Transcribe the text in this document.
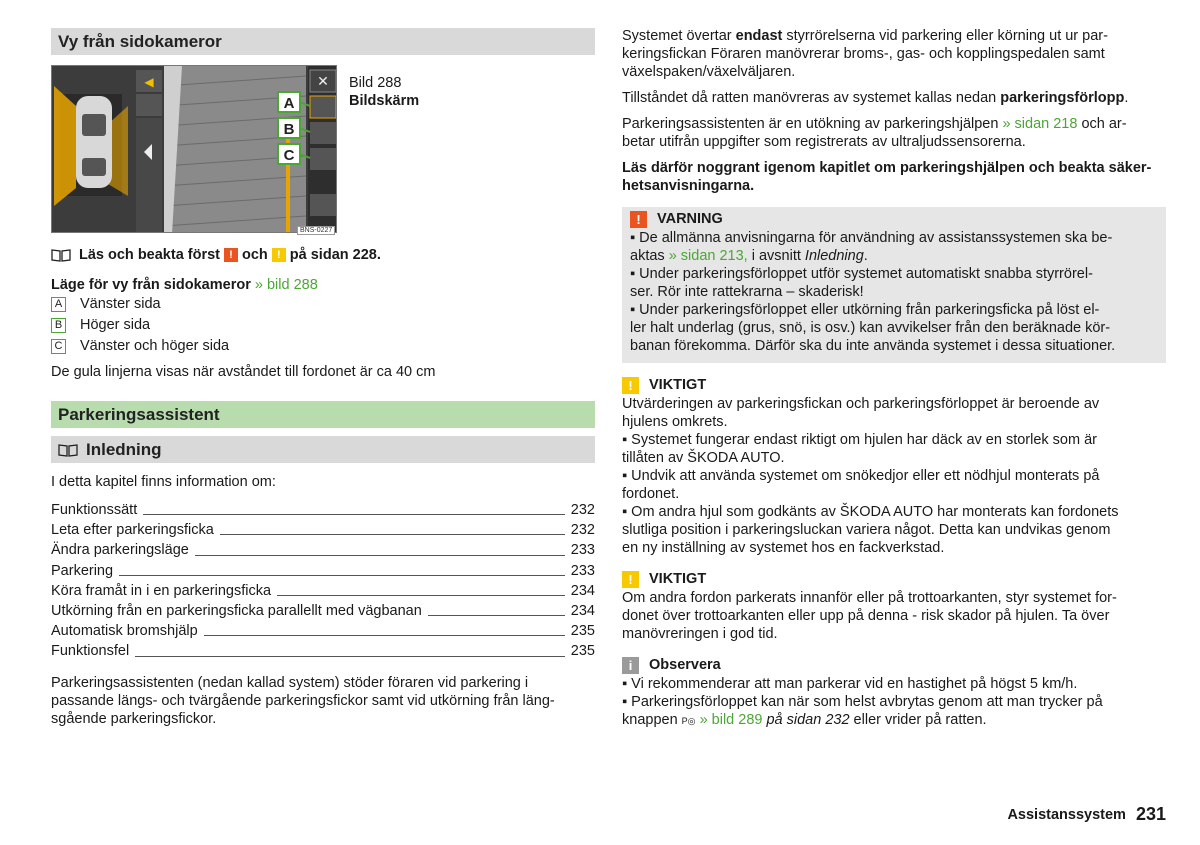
Vy från sidokameror
◀	✕
A
B
C
BNS-0227
Bild 288
Bildskärm
Läs och beakta först ! och ! på sidan 228.
Läge för vy från sidokameror » bild 288
A Vänster sida
B Höger sida
C Vänster och höger sida
De gula linjerna visas när avståndet till fordonet är ca 40 cm
Parkeringsassistent
Inledning
I detta kapitel finns information om:
Funktionssätt	232
Leta efter parkeringsficka	232
Ändra parkeringsläge	233
Parkering	233
Köra framåt in i en parkeringsficka	234
Utkörning från en parkeringsficka parallellt med vägbanan	234
Automatisk bromshjälp	235
Funktionsfel	235
Parkeringsassistenten (nedan kallad system) stöder föraren vid parkering i
passande längs- och tvärgående parkeringsfickor samt vid utkörning från läng-
sgående parkeringsfickor.
Systemet övertar endast styrrörelserna vid parkering eller körning ut ur par-
keringsfickan Föraren manövrerar broms-, gas- och kopplingspedalen samt
växelspaken/växelväljaren.
Tillståndet då ratten manövreras av systemet kallas nedan parkeringsförlopp.
Parkeringsassistenten är en utökning av parkeringshjälpen » sidan 218 och ar-
betar utifrån uppgifter som registrerats av ultraljudssensorerna.
Läs därför noggrant igenom kapitlet om parkeringshjälpen och beakta säker-
hetsanvisningarna.
!	VARNING
▪ De allmänna anvisningarna för användning av assistanssystemen ska be-
aktas » sidan 213, i avsnitt Inledning.
▪ Under parkeringsförloppet utför systemet automatiskt snabba styrrörel-
ser. Rör inte rattekrarna – skaderisk!
▪ Under parkeringsförloppet eller utkörning från parkeringsficka på löst el-
ler halt underlag (grus, snö, is osv.) kan avvikelser från den beräknade kör-
banan förekomma. Därför ska du inte använda systemet i dessa situationer.
!	VIKTIGT
Utvärderingen av parkeringsfickan och parkeringsförloppet är beroende av
hjulens omkrets.
▪ Systemet fungerar endast riktigt om hjulen har däck av en storlek som är
tillåten av ŠKODA AUTO.
▪ Undvik att använda systemet om snökedjor eller ett nödhjul monterats på
fordonet.
▪ Om andra hjul som godkänts av ŠKODA AUTO har monterats kan fordonets
slutliga position i parkeringsluckan variera något. Detta kan undvikas genom
en ny inställning av systemet hos en fackverkstad.
!	VIKTIGT
Om andra fordon parkerats innanför eller på trottoarkanten, styr systemet for-
donet över trottoarkanten eller upp på denna - risk skador på hjulen. Ta över
manövreringen i god tid.
i	Observera
▪ Vi rekommenderar att man parkerar vid en hastighet på högst 5 km/h.
▪ Parkeringsförloppet kan när som helst avbrytas genom att man trycker på
knappen P◎ » bild 289 på sidan 232 eller vrider på ratten.
Assistanssystem 231
